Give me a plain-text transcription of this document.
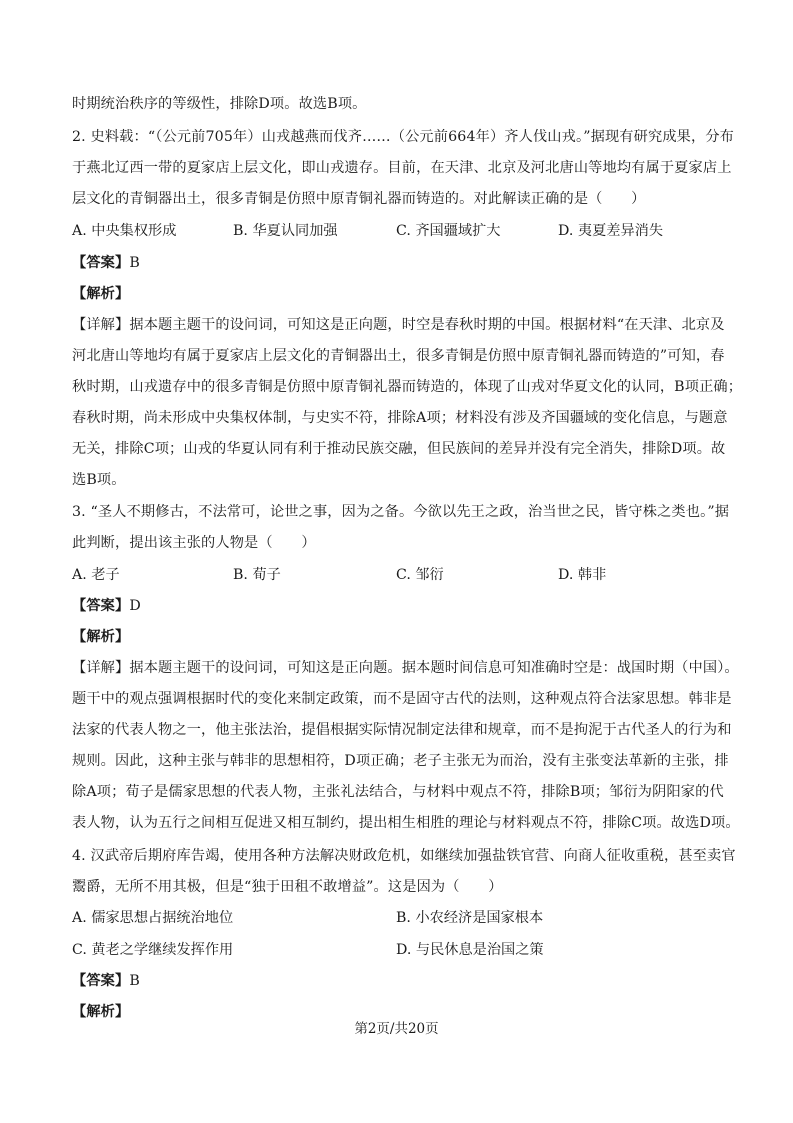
时期统治秩序的等级性，排除D项。故选B项。
2. 史料载：“（公元前705年）山戎越燕而伐齐……（公元前664年）齐人伐山戎。”据现有研究成果，分布
于燕北辽西一带的夏家店上层文化，即山戎遗存。目前，在天津、北京及河北唐山等地均有属于夏家店上
层文化的青铜器出土，很多青铜是仿照中原青铜礼器而铸造的。对此解读正确的是（　　）
A. 中央集权形成	B. 华夏认同加强	C. 齐国疆域扩大	D. 夷夏差异消失
【答案】B
【解析】
【详解】据本题主题干的设问词，可知这是正向题，时空是春秋时期的中国。根据材料“在天津、北京及
河北唐山等地均有属于夏家店上层文化的青铜器出土，很多青铜是仿照中原青铜礼器而铸造的”可知，春
秋时期，山戎遗存中的很多青铜是仿照中原青铜礼器而铸造的，体现了山戎对华夏文化的认同，B项正确；
春秋时期，尚未形成中央集权体制，与史实不符，排除A项；材料没有涉及齐国疆域的变化信息，与题意
无关，排除C项；山戎的华夏认同有利于推动民族交融，但民族间的差异并没有完全消失，排除D项。故
选B项。
3. “圣人不期修古，不法常可，论世之事，因为之备。今欲以先王之政，治当世之民，皆守株之类也。”据
此判断，提出该主张的人物是（　　）
A. 老子	B. 荀子	C. 邹衍	D. 韩非
【答案】D
【解析】
【详解】据本题主题干的设问词，可知这是正向题。据本题时间信息可知准确时空是：战国时期（中国）。
题干中的观点强调根据时代的变化来制定政策，而不是固守古代的法则，这种观点符合法家思想。韩非是
法家的代表人物之一，他主张法治，提倡根据实际情况制定法律和规章，而不是拘泥于古代圣人的行为和
规则。因此，这种主张与韩非的思想相符，D项正确；老子主张无为而治，没有主张变法革新的主张，排
除A项；荀子是儒家思想的代表人物，主张礼法结合，与材料中观点不符，排除B项；邹衍为阴阳家的代
表人物，认为五行之间相互促进又相互制约，提出相生相胜的理论与材料观点不符，排除C项。故选D项。
4. 汉武帝后期府库告竭，使用各种方法解决财政危机，如继续加强盐铁官营、向商人征收重税，甚至卖官
鬻爵，无所不用其极，但是“独于田租不敢增益”。这是因为（　　）
A. 儒家思想占据统治地位	B. 小农经济是国家根本
C. 黄老之学继续发挥作用	D. 与民休息是治国之策
【答案】B
【解析】
第2页/共20页
